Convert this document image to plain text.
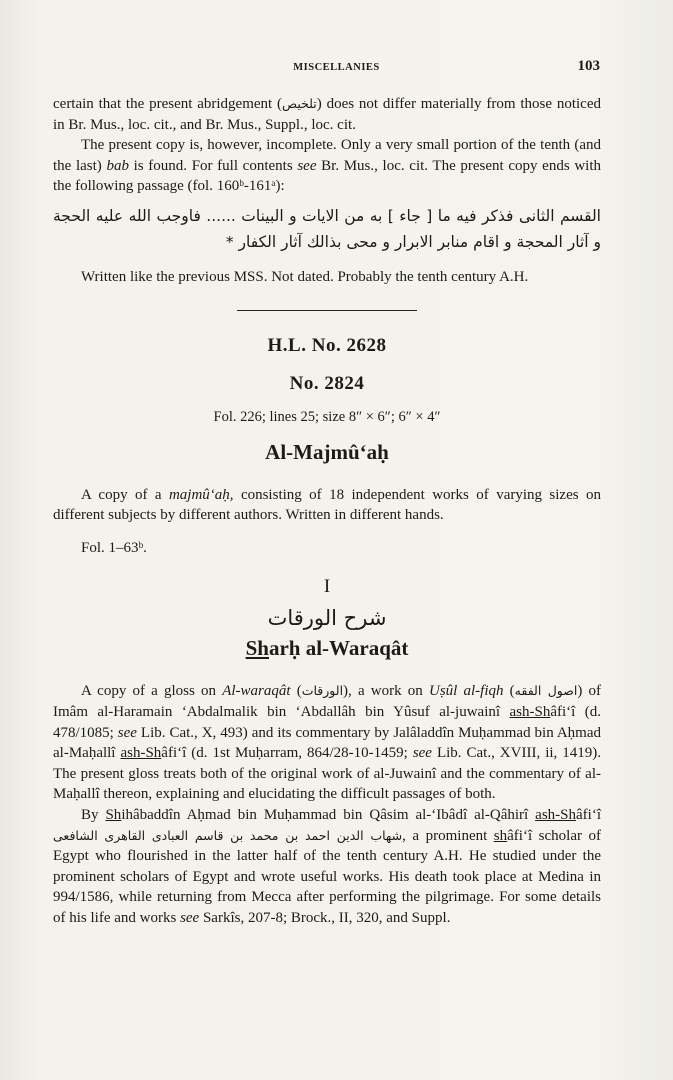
MISCELLANIES	103

certain that the present abridgement (تلخيص) does not differ materially from those noticed in Br. Mus., loc. cit., and Br. Mus., Suppl., loc. cit.

The present copy is, however, incomplete. Only a very small portion of the tenth (and the last) bab is found. For full contents see Br. Mus., loc. cit. The present copy ends with the following passage (fol. 160ᵇ-161ᵃ):

القسم الثانى فذكر فيه ما [ جاء ] به من الايات و البينات ...... فاوجب الله عليه الحجة و آثار المحجة و اقام منابر الابرار و محى بذالك آثار الكفار *

Written like the previous MSS. Not dated. Probably the tenth century A.H.

H.L. No. 2628
No. 2824
Fol. 226; lines 25; size 8″ × 6″; 6″ × 4″
Al-Majmû‘aḥ

A copy of a majmû‘aḥ, consisting of 18 independent works of varying sizes on different subjects by different authors. Written in different hands.

Fol. 1–63ᵇ.

I
شرح الورقات
Sharḥ al-Waraqât

A copy of a gloss on Al-waraqât (الورقات), a work on Uṣûl al-fiqh (اصول الفقه) of Imâm al-Haramain ‘Abdalmalik bin ‘Abdallâh bin Yûsuf al-juwainî ash-Shâfi‘î (d. 478/1085; see Lib. Cat., X, 493) and its commentary by Jalâladdîn Muḥammad bin Aḥmad al-Maḥallî ash-Shâfi‘î (d. 1st Muḥarram, 864/28-10-1459; see Lib. Cat., XVIII, ii, 1419). The present gloss treats both of the original work of al-Juwainî and the commentary of al-Maḥallî thereon, explaining and elucidating the difficult passages of both.

By Shihâbaddîn Aḥmad bin Muḥammad bin Qâsim al-‘Ibâdî al-Qâhirî ash-Shâfi‘î شهاب الدين احمد بن محمد بن قاسم العبادى القاهرى الشافعى, a prominent shâfi‘î scholar of Egypt who flourished in the latter half of the tenth century A.H. He studied under the prominent scholars of Egypt and wrote useful works. His death took place at Medina in 994/1586, while returning from Mecca after performing the pilgrimage. For some details of his life and works see Sarkîs, 207-8; Brock., II, 320, and Suppl.
